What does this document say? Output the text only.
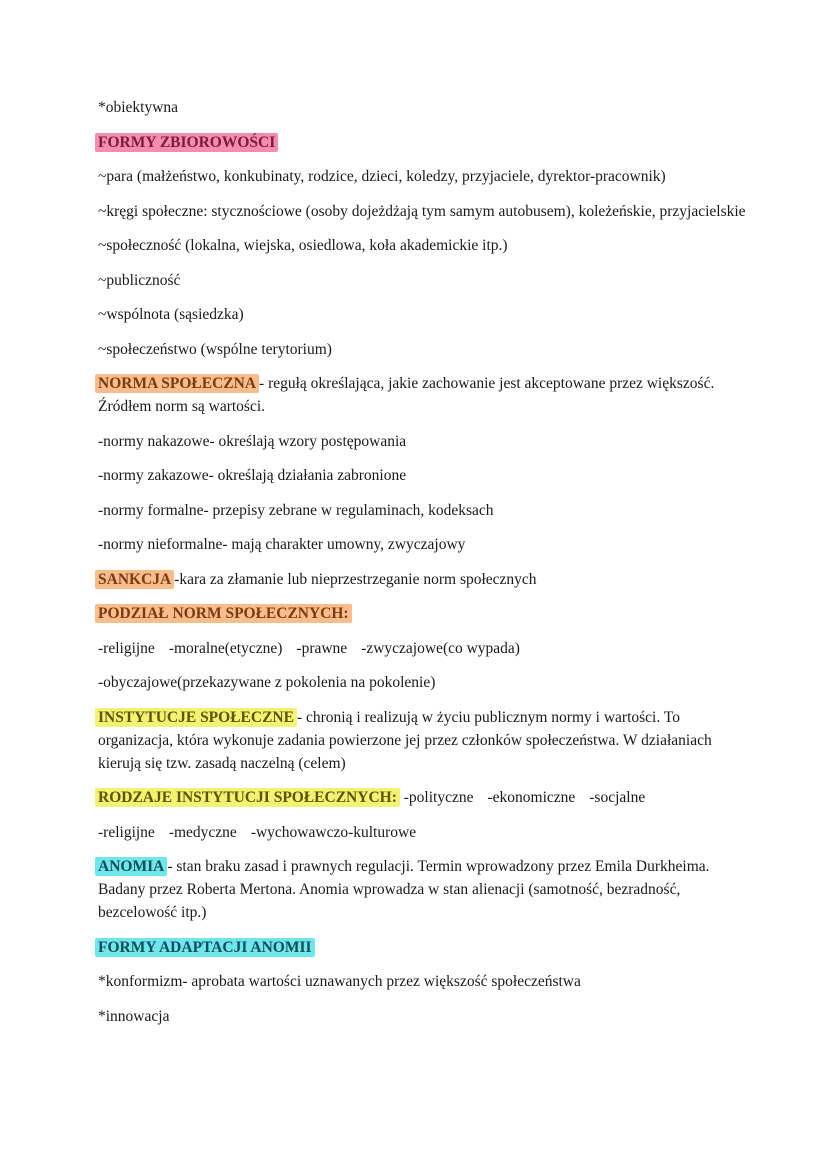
*obiektywna

FORMY ZBIOROWOŚCI

~para (małżeństwo, konkubinaty, rodzice, dzieci, koledzy, przyjaciele, dyrektor-pracownik)

~kręgi społeczne: stycznościowe (osoby dojeżdżają tym samym autobusem), koleżeńskie, przyjacielskie

~społeczność (lokalna, wiejska, osiedlowa, koła akademickie itp.)

~publiczność

~wspólnota (sąsiedzka)

~społeczeństwo (wspólne terytorium)

NORMA SPOŁECZNA - regułą określająca, jakie zachowanie jest akceptowane przez większość. Źródłem norm są wartości.

-normy nakazowe- określają wzory postępowania

-normy zakazowe- określają działania zabronione

-normy formalne- przepisy zebrane w regulaminach, kodeksach

-normy nieformalne- mają charakter umowny, zwyczajowy

SANKCJA -kara za złamanie lub nieprzestrzeganie norm społecznych

PODZIAŁ NORM SPOŁECZNYCH:

-religijne -moralne(etyczne) -prawne -zwyczajowe(co wypada)

-obyczajowe(przekazywane z pokolenia na pokolenie)

INSTYTUCJE SPOŁECZNE - chronią i realizują w życiu publicznym normy i wartości. To organizacja, która wykonuje zadania powierzone jej przez członków społeczeństwa. W działaniach kierują się tzw. zasadą naczelną (celem)

RODZAJE INSTYTUCJI SPOŁECZNYCH: -polityczne -ekonomiczne -socjalne

-religijne -medyczne -wychowawczo-kulturowe

ANOMIA - stan braku zasad i prawnych regulacji. Termin wprowadzony przez Emila Durkheima. Badany przez Roberta Mertona. Anomia wprowadza w stan alienacji (samotność, bezradność, bezcelowość itp.)

FORMY ADAPTACJI ANOMII

*konformizm- aprobata wartości uznawanych przez większość społeczeństwa

*innowacja
